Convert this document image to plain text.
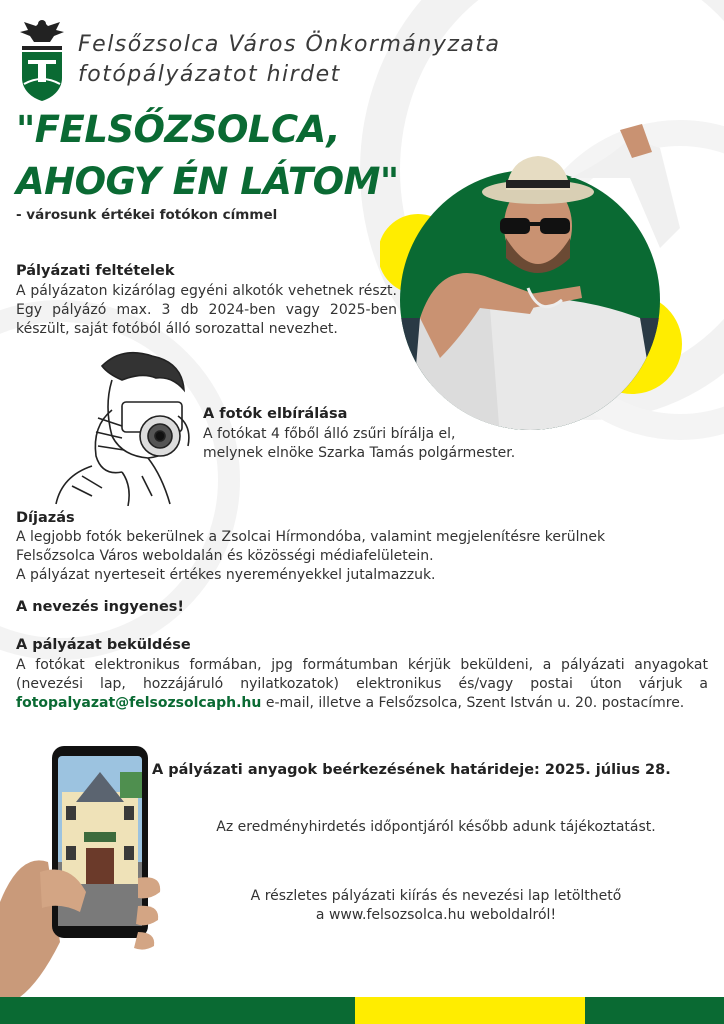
Felsőzsolca Város Önkormányzata
fotópályázatot hirdet
"FELSŐZSOLCA,
AHOGY ÉN LÁTOM"
- városunk értékei fotókon címmel
Pályázati feltételek
A pályázaton kizárólag egyéni alkotók vehetnek részt. Egy pályázó max. 3 db 2024-ben vagy 2025-ben készült, saját fotóból álló sorozattal nevezhet.
A fotók elbírálása
A fotókat 4 főből álló zsűri bírálja el,
melynek elnöke Szarka Tamás polgármester.
Díjazás
A legjobb fotók bekerülnek a Zsolcai Hírmondóba, valamint megjelenítésre kerülnek
Felsőzsolca Város weboldalán és közösségi médiafelületein.
A pályázat nyerteseit értékes nyereményekkel jutalmazzuk.
A nevezés ingyenes!
A pályázat beküldése
A fotókat elektronikus formában, jpg formátumban kérjük beküldeni, a pályázati anyagokat (nevezési lap, hozzájáruló nyilatkozatok) elektronikus és/vagy postai úton várjuk a fotopalyazat@felsozsolcaph.hu e-mail, illetve a Felsőzsolca, Szent István u. 20. postacímre.
A pályázati anyagok beérkezésének határideje: 2025. július 28.
Az eredményhirdetés időpontjáról később adunk tájékoztatást.
A részletes pályázati kiírás és nevezési lap letölthető
a www.felsozsolca.hu weboldalról!
